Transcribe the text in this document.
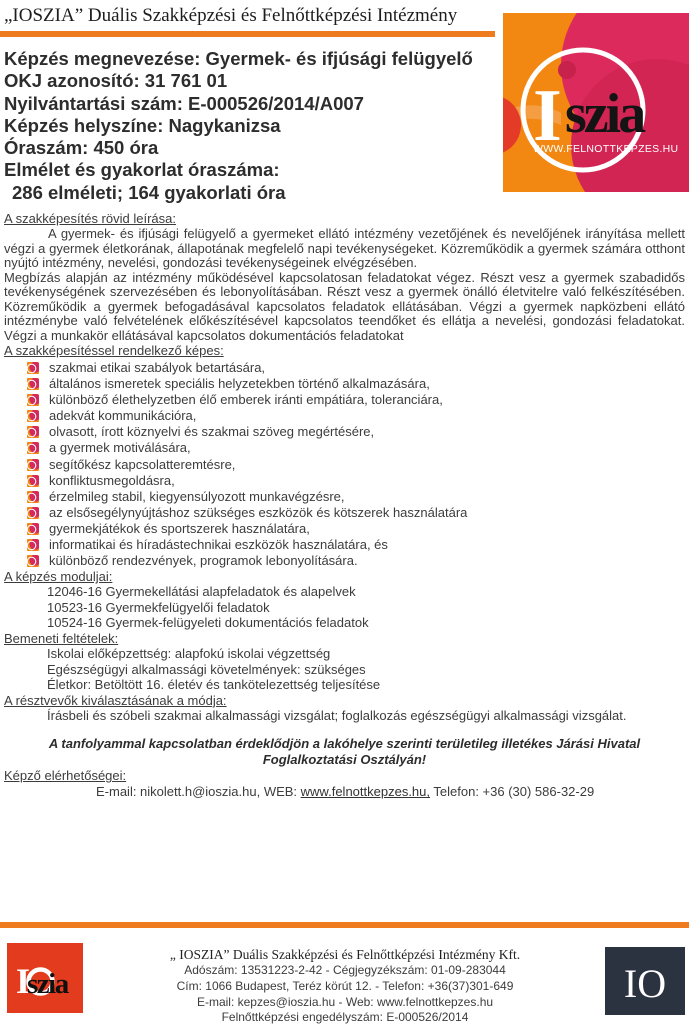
„IOSZIA” Duális Szakképzési és Felnőttképzési Intézmény
I szia
WWW.FELNOTTKEPZES.HU
Képzés megnevezése: Gyermek- és ifjúsági felügyelő
OKJ azonosító: 31 761 01
Nyilvántartási szám: E-000526/2014/A007
Képzés helyszíne: Nagykanizsa
Óraszám: 450 óra
Elmélet és gyakorlat óraszáma:
286 elméleti; 164 gyakorlati óra
A szakképesítés rövid leírása:

A gyermek- és ifjúsági felügyelő a gyermeket ellátó intézmény vezetőjének és nevelőjének irányítása mellett végzi a gyermek életkorának, állapotának megfelelő napi tevékenységeket. Közreműködik a gyermek számára otthont nyújtó intézmény, nevelési, gondozási tevékenységeinek elvégzésében.

Megbízás alapján az intézmény működésével kapcsolatosan feladatokat végez. Részt vesz a gyermek szabadidős tevékenységének szervezésében és lebonyolításában. Részt vesz a gyermek önálló életvitelre való felkészítésében. Közreműködik a gyermek befogadásával kapcsolatos feladatok ellátásában. Végzi a gyermek napközbeni ellátó intézménybe való felvételének előkészítésével kapcsolatos teendőket és ellátja a nevelési, gondozási feladatokat. Végzi a munkakör ellátásával kapcsolatos dokumentációs feladatokat

A szakképesítéssel rendelkező képes:
szakmai etikai szabályok betartására,
általános ismeretek speciális helyzetekben történő alkalmazására,
különböző élethelyzetben élő emberek iránti empátiára, toleranciára,
adekvát kommunikációra,
olvasott, írott köznyelvi és szakmai szöveg megértésére,
a gyermek motiválására,
segítőkész kapcsolatteremtésre,
konfliktusmegoldásra,
érzelmileg stabil, kiegyensúlyozott munkavégzésre,
az elsősegélynyújtáshoz szükséges eszközök és kötszerek használatára
gyermekjátékok és sportszerek használatára,
informatikai és híradástechnikai eszközök használatára, és
különböző rendezvények, programok lebonyolítására.
A képzés moduljai:
12046-16 Gyermekellátási alapfeladatok és alapelvek
10523-16 Gyermekfelügyelői feladatok
10524-16 Gyermek-felügyeleti dokumentációs feladatok
Bemeneti feltételek:
Iskolai előképzettség: alapfokú iskolai végzettség
Egészségügyi alkalmassági követelmények: szükséges
Életkor: Betöltött 16. életév és tankötelezettség teljesítése
A résztvevők kiválasztásának a módja:
Írásbeli és szóbeli szakmai alkalmassági vizsgálat; foglalkozás egészségügyi alkalmassági vizsgálat.
A tanfolyammal kapcsolatban érdeklődjön a lakóhelye szerinti területileg illetékes Járási Hivatal
Foglalkoztatási Osztályán!
Képző elérhetőségei:
E-mail: nikolett.h@ioszia.hu, WEB: www.felnottkepzes.hu, Telefon: +36 (30) 586-32-29
I
szia
„ IOSZIA” Duális Szakképzési és Felnőttképzési Intézmény Kft.
Adószám: 13531223-2-42 - Cégjegyzékszám: 01-09-283044
Cím: 1066 Budapest, Teréz körút 12. - Telefon: +36(37)301-649
E-mail: kepzes@ioszia.hu - Web: www.felnottkepzes.hu
Felnőttképzési engedélyszám: E-000526/2014
IO
